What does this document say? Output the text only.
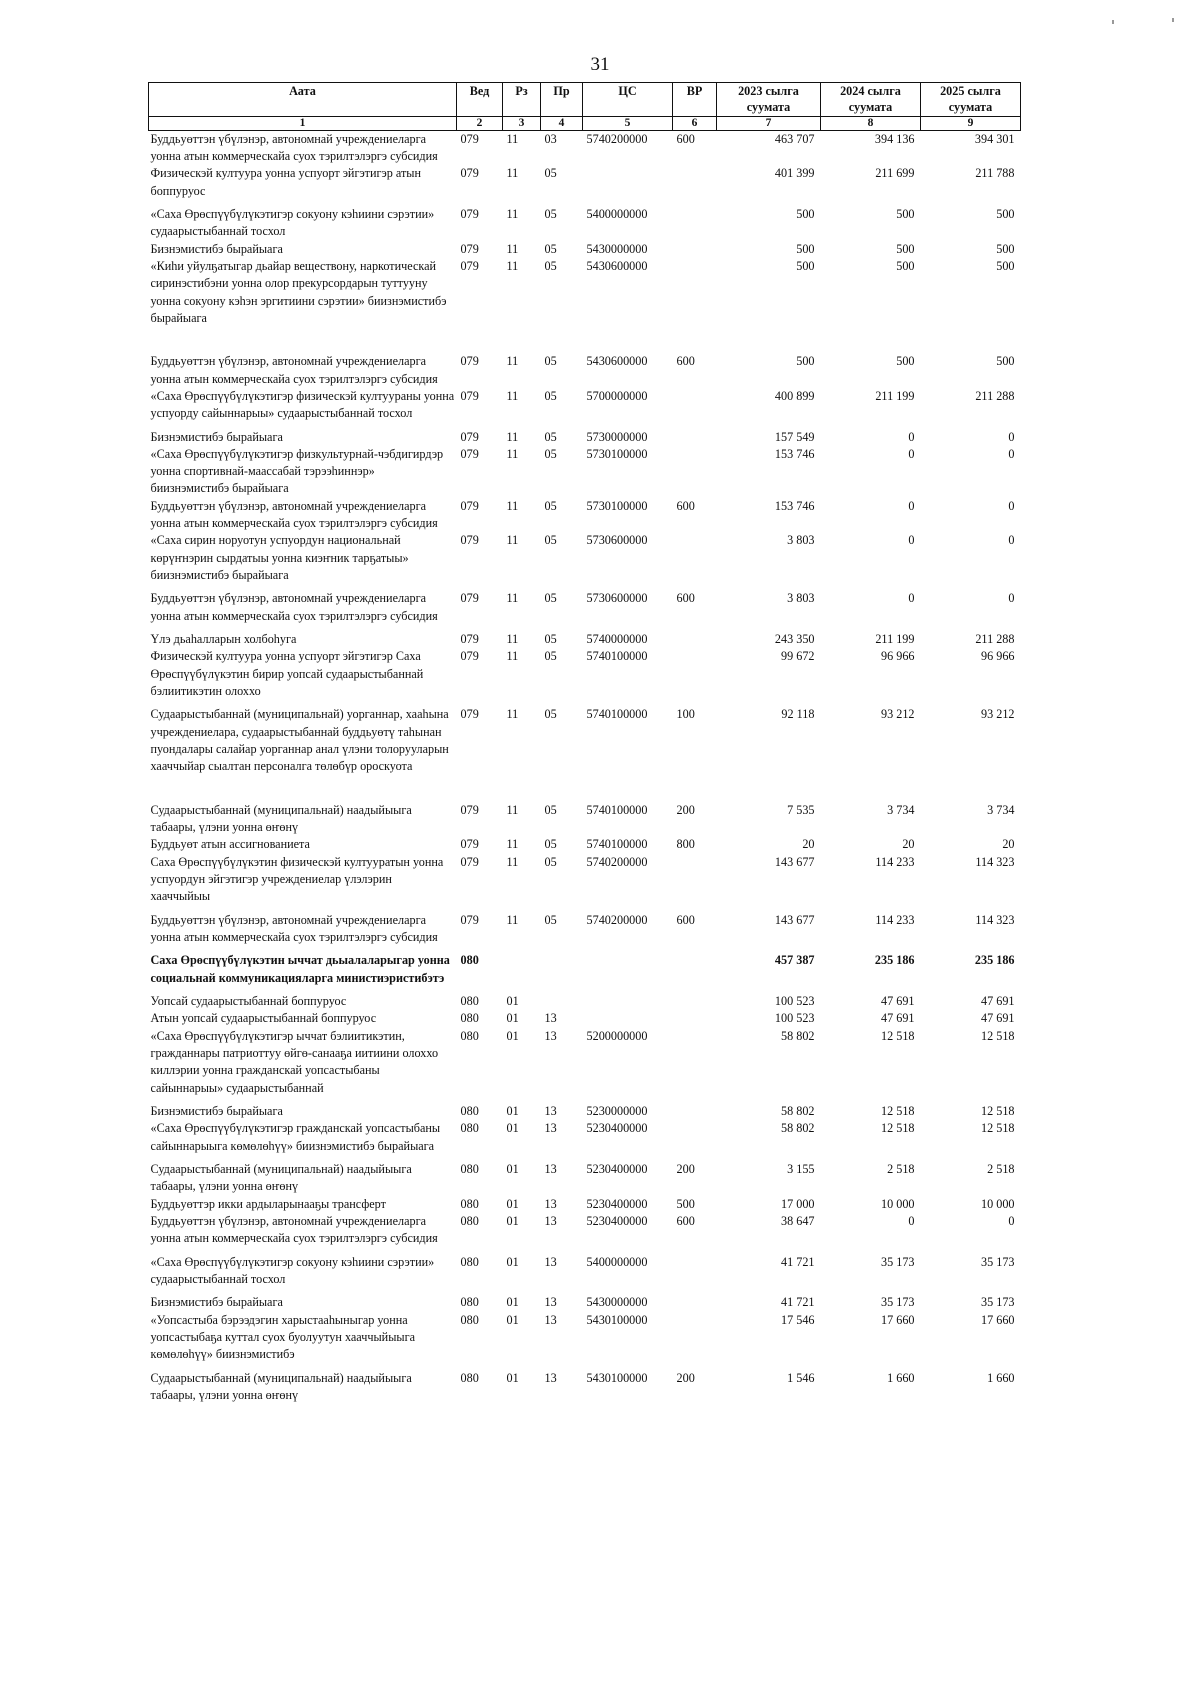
31
Аата	Вед	Рз	Пр	ЦС	ВР	2023 сылга суумата	2024 сылга суумата	2025 сылга суумата
1	2	3	4	5	6	7	8	9
Буддьуөттэн үбүлэнэр, автономнай учреждениеларга уонна атын коммерческайа суох тэрилтэлэргэ субсидия	079	11	03	5740200000	600	463 707	394 136	394 301
Физическэй култуура уонна успуорт эйгэтигэр атын боппуруос	079	11	05			401 399	211 699	211 788
«Саха Өрөспүүбүлүкэтигэр сокуону кэһиини сэрэтии» судаарыстыбаннай тосхол	079	11	05	5400000000		500	500	500
Бизнэмистибэ бырайыага	079	11	05	5430000000		500	500	500
«Киһи уйулҕатыгар дьайар веществону, наркотическай сиринэстибэни уонна олор прекурсордарын туттууну уонна сокуону кэһэн эргитиини сэрэтии» биизнэмистибэ бырайыага	079	11	05	5430600000		500	500	500
Буддьуөттэн үбүлэнэр, автономнай учреждениеларга уонна атын коммерческайа суох тэрилтэлэргэ субсидия	079	11	05	5430600000	600	500	500	500
«Саха Өрөспүүбүлүкэтигэр физическэй култуураны уонна успуорду сайыннарыы» судаарыстыбаннай тосхол	079	11	05	5700000000		400 899	211 199	211 288
Бизнэмистибэ бырайыага	079	11	05	5730000000		157 549	0	0
«Саха Өрөспүүбүлүкэтигэр физкультурнай-чэбдигирдэр уонна спортивнай-маассабай тэрээһиннэр» биизнэмистибэ бырайыага	079	11	05	5730100000		153 746	0	0
Буддьуөттэн үбүлэнэр, автономнай учреждениеларга уонна атын коммерческайа суох тэрилтэлэргэ субсидия	079	11	05	5730100000	600	153 746	0	0
«Саха сирин норуотун успуордун национальнай көрүҥнэрин сырдатыы уонна киэҥник тарҕатыы» биизнэмистибэ бырайыага	079	11	05	5730600000		3 803	0	0
Буддьуөттэн үбүлэнэр, автономнай учреждениеларга уонна атын коммерческайа суох тэрилтэлэргэ субсидия	079	11	05	5730600000	600	3 803	0	0
Үлэ дьаһалларын холбоһуга	079	11	05	5740000000		243 350	211 199	211 288
Физическэй култуура уонна успуорт эйгэтигэр Саха Өрөспүүбүлүкэтин бирир уопсай судаарыстыбаннай бэлиитикэтин олоххо	079	11	05	5740100000		99 672	96 966	96 966
Судаарыстыбаннай (муниципальнай) уорганнар, хааһына учреждениелара, судаарыстыбаннай буддьуөтү таһынан пуондалары салайар уорганнар анал үлэни толорууларын хааччыйар сыалтан персоналга төлөбүр ороскуота	079	11	05	5740100000	100	92 118	93 212	93 212
Судаарыстыбаннай (муниципальнай) наадыйыыга табаары, үлэни уонна өҥөнү	079	11	05	5740100000	200	7 535	3 734	3 734
Буддьуөт атын ассигнованиета	079	11	05	5740100000	800	20	20	20
Саха Өрөспүүбүлүкэтин физическэй култууратын уонна успуордун эйгэтигэр учреждениелар үлэлэрин хааччыйыы	079	11	05	5740200000		143 677	114 233	114 323
Буддьуөттэн үбүлэнэр, автономнай учреждениеларга уонна атын коммерческайа суох тэрилтэлэргэ субсидия	079	11	05	5740200000	600	143 677	114 233	114 323
Саха Өрөспүүбүлүкэтин ыччат дьыалаларыгар уонна социальнай коммуникацияларга министиэристибэтэ	080					457 387	235 186	235 186
Уопсай судаарыстыбаннай боппуруос	080	01				100 523	47 691	47 691
Атын уопсай судаарыстыбаннай боппуруос	080	01	13			100 523	47 691	47 691
«Саха Өрөспүүбүлүкэтигэр ыччат бэлиитикэтин, гражданнары патриоттуу өйгө-санааҕа иитиини олоххо киллэрии уонна гражданскай уопсастыбаны сайыннарыы» судаарыстыбаннай	080	01	13	5200000000		58 802	12 518	12 518
Бизнэмистибэ бырайыага	080	01	13	5230000000		58 802	12 518	12 518
«Саха Өрөспүүбүлүкэтигэр гражданскай уопсастыбаны сайыннарыыга көмөлөһүү» биизнэмистибэ бырайыага	080	01	13	5230400000		58 802	12 518	12 518
Судаарыстыбаннай (муниципальнай) наадыйыыга табаары, үлэни уонна өҥөнү	080	01	13	5230400000	200	3 155	2 518	2 518
Буддьуөттэр икки ардыларынааҕы трансферт	080	01	13	5230400000	500	17 000	10 000	10 000
Буддьуөттэн үбүлэнэр, автономнай учреждениеларга уонна атын коммерческайа суох тэрилтэлэргэ субсидия	080	01	13	5230400000	600	38 647	0	0
«Саха Өрөспүүбүлүкэтигэр сокуону кэһиини сэрэтии» судаарыстыбаннай тосхол	080	01	13	5400000000		41 721	35 173	35 173
Бизнэмистибэ бырайыага	080	01	13	5430000000		41 721	35 173	35 173
«Уопсастыба бэрээдэгин харыстааһыныгар уонна уопсастыбаҕа куттал суох буолуутун хааччыйыыга көмөлөһүү» биизнэмистибэ	080	01	13	5430100000		17 546	17 660	17 660
Судаарыстыбаннай (муниципальнай) наадыйыыга табаары, үлэни уонна өҥөнү	080	01	13	5430100000	200	1 546	1 660	1 660
